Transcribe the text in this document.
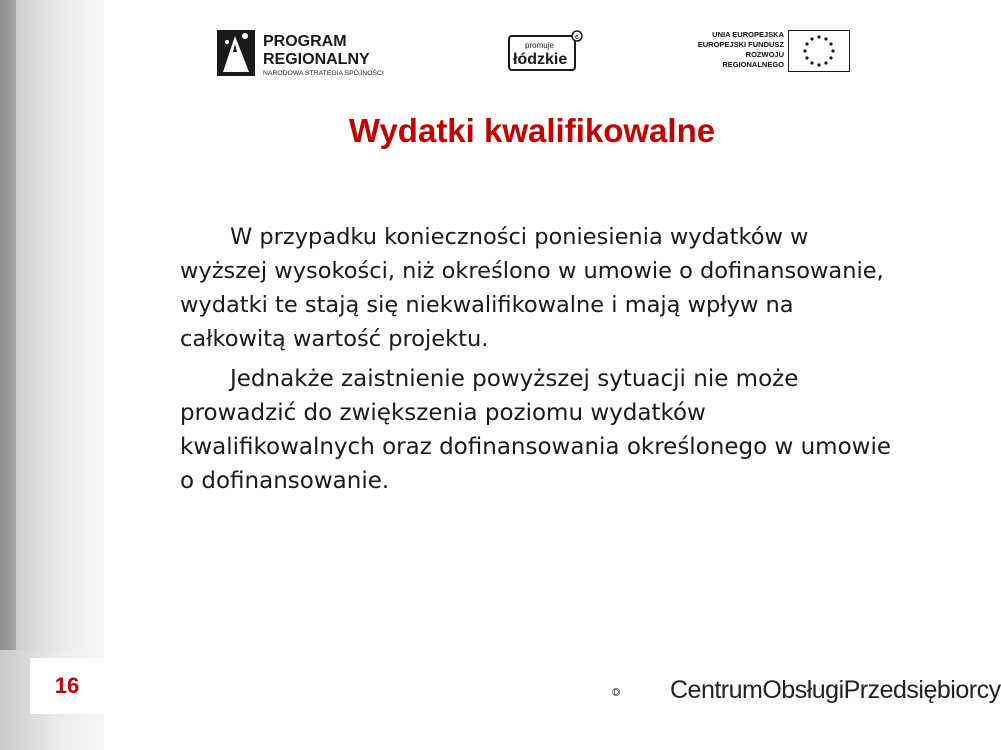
16
PROGRAM
REGIONALNY
NARODOWA STRATEGIA SPÓJNOŚCI
c
promuje
łódzkie
UNIA EUROPEJSKA
EUROPEJSKI FUNDUSZ
ROZWOJU REGIONALNEGO
Wydatki kwalifikowalne

W przypadku konieczności poniesienia wydatków w wyższej wysokości, niż określono w umowie o dofinansowanie, wydatki te stają się niekwalifikowalne i mają wpływ na całkowitą wartość projektu.

Jednakże zaistnienie powyższej sytuacji nie może prowadzić do zwiększenia poziomu wydatków kwalifikowalnych oraz dofinansowania określonego w umowie o dofinansowanie.

CentrumObsługiPrzedsiębiorcy
